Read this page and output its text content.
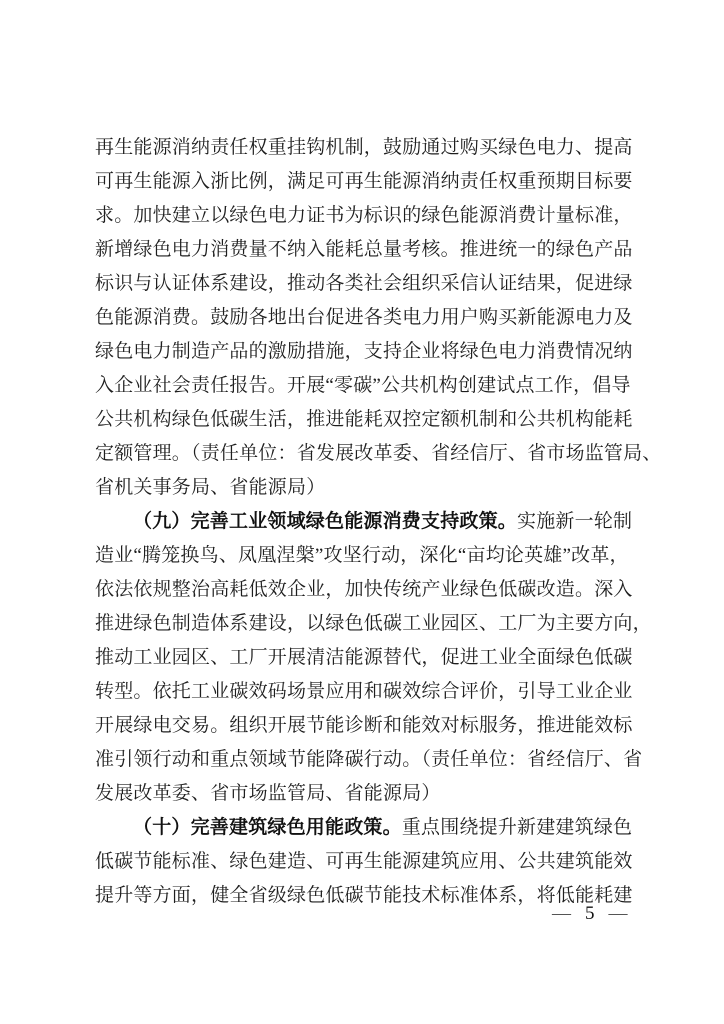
再生能源消纳责任权重挂钩机制，鼓励通过购买绿色电力、提高
可再生能源入浙比例，满足可再生能源消纳责任权重预期目标要
求。加快建立以绿色电力证书为标识的绿色能源消费计量标准，
新增绿色电力消费量不纳入能耗总量考核。推进统一的绿色产品
标识与认证体系建设，推动各类社会组织采信认证结果，促进绿
色能源消费。鼓励各地出台促进各类电力用户购买新能源电力及
绿色电力制造产品的激励措施，支持企业将绿色电力消费情况纳
入企业社会责任报告。开展“零碳”公共机构创建试点工作，倡导
公共机构绿色低碳生活，推进能耗双控定额机制和公共机构能耗
定额管理。（责任单位：省发展改革委、省经信厅、省市场监管局、
省机关事务局、省能源局）
（九）完善工业领域绿色能源消费支持政策。实施新一轮制
造业“腾笼换鸟、凤凰涅槃”攻坚行动，深化“亩均论英雄”改革，
依法依规整治高耗低效企业，加快传统产业绿色低碳改造。深入
推进绿色制造体系建设，以绿色低碳工业园区、工厂为主要方向，
推动工业园区、工厂开展清洁能源替代，促进工业全面绿色低碳
转型。依托工业碳效码场景应用和碳效综合评价，引导工业企业
开展绿电交易。组织开展节能诊断和能效对标服务，推进能效标
准引领行动和重点领域节能降碳行动。（责任单位：省经信厅、省
发展改革委、省市场监管局、省能源局）
（十）完善建筑绿色用能政策。重点围绕提升新建建筑绿色
低碳节能标准、绿色建造、可再生能源建筑应用、公共建筑能效
提升等方面，健全省级绿色低碳节能技术标准体系，将低能耗建
— 5 —
